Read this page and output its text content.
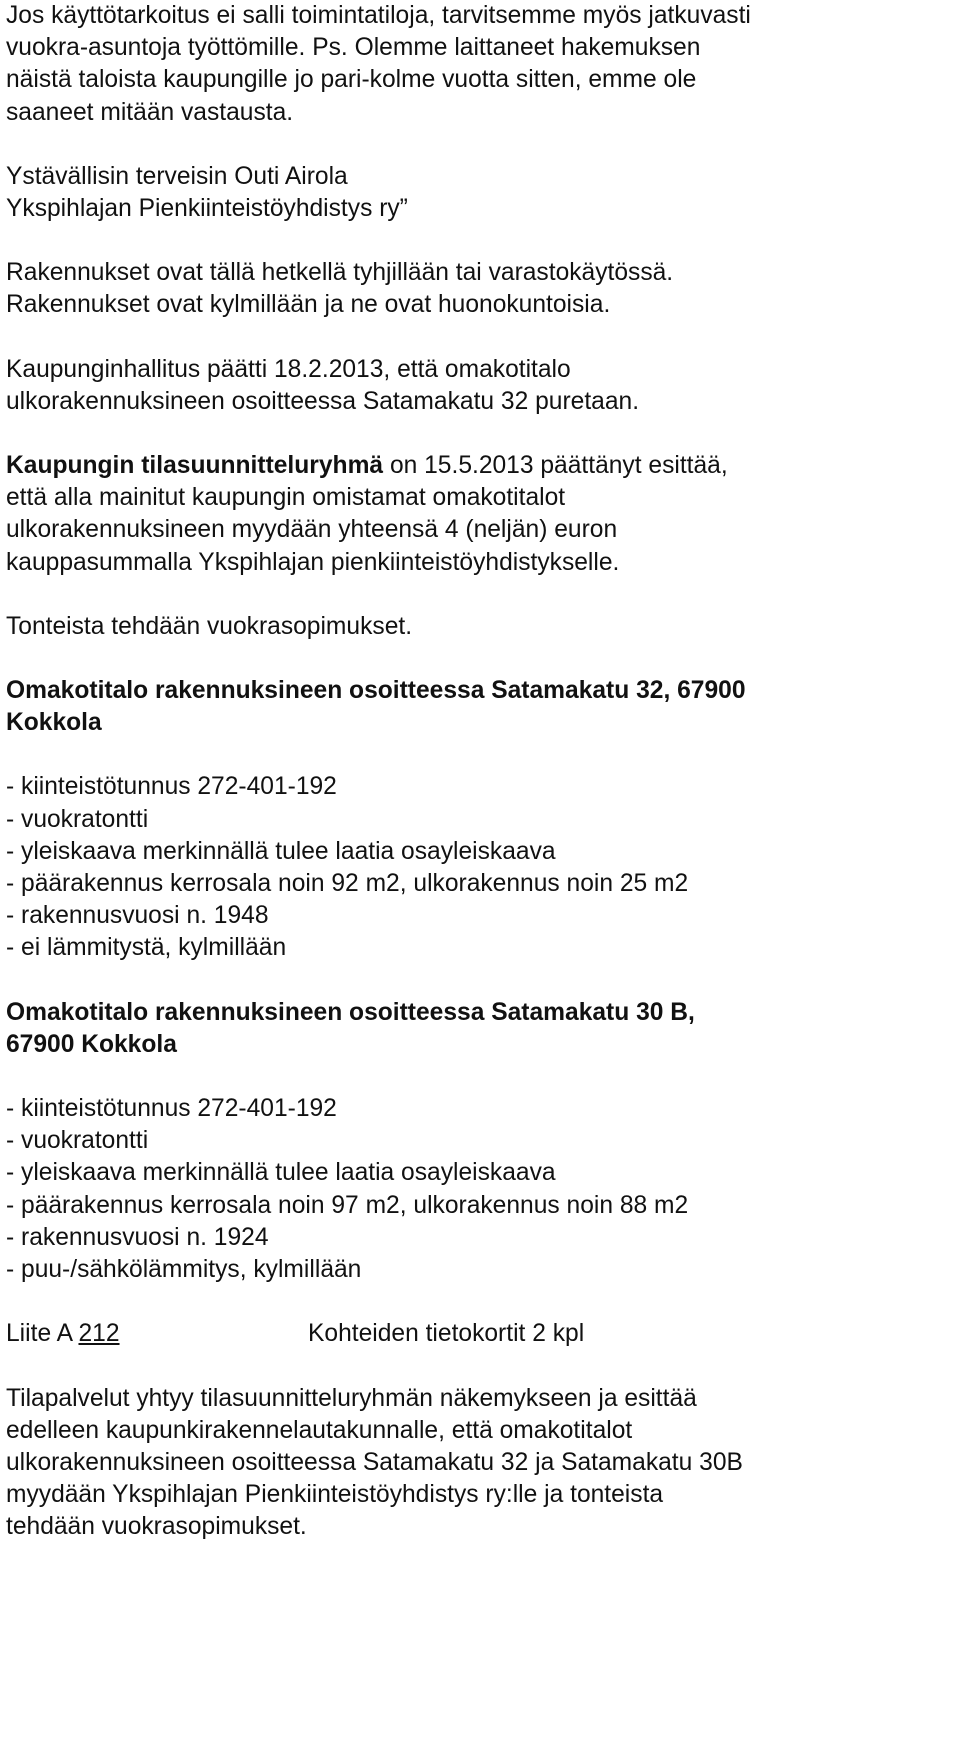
Jos käyttötarkoitus ei salli toimintatiloja, tarvitsemme myös jatkuvasti

vuokra-asuntoja työttömille. Ps. Olemme laittaneet hakemuksen

näistä taloista kaupungille jo pari-kolme vuotta sitten, emme ole

saaneet mitään vastausta.

Ystävällisin terveisin Outi Airola

Ykspihlajan Pienkiinteistöyhdistys ry”

Rakennukset ovat tällä hetkellä tyhjillään tai varastokäytössä.

Rakennukset ovat kylmillään ja ne ovat huonokuntoisia.

Kaupunginhallitus päätti 18.2.2013, että omakotitalo

ulkorakennuksineen osoitteessa Satamakatu 32 puretaan.

Kaupungin tilasuunnitteluryhmä on 15.5.2013 päättänyt esittää,

että alla mainitut kaupungin omistamat omakotitalot

ulkorakennuksineen myydään yhteensä 4 (neljän) euron

kauppasummalla Ykspihlajan pienkiinteistöyhdistykselle.

Tonteista tehdään vuokrasopimukset.

Omakotitalo rakennuksineen osoitteessa Satamakatu 32, 67900

Kokkola

- kiinteistötunnus 272-401-192

- vuokratontti

- yleiskaava merkinnällä tulee laatia osayleiskaava

- päärakennus kerrosala noin 92 m2, ulkorakennus noin 25 m2

- rakennusvuosi n. 1948

- ei lämmitystä, kylmillään

Omakotitalo rakennuksineen osoitteessa Satamakatu 30 B,

67900 Kokkola

- kiinteistötunnus 272-401-192

- vuokratontti

- yleiskaava merkinnällä tulee laatia osayleiskaava

- päärakennus kerrosala noin 97 m2, ulkorakennus noin 88 m2

- rakennusvuosi n. 1924

- puu-/sähkölämmitys, kylmillään

Liite A 212	Kohteiden tietokortit 2 kpl

Tilapalvelut yhtyy tilasuunnitteluryhmän näkemykseen ja esittää

edelleen kaupunkirakennelautakunnalle, että omakotitalot

ulkorakennuksineen osoitteessa Satamakatu 32 ja Satamakatu 30B

myydään Ykspihlajan Pienkiinteistöyhdistys ry:lle ja tonteista

tehdään vuokrasopimukset.
